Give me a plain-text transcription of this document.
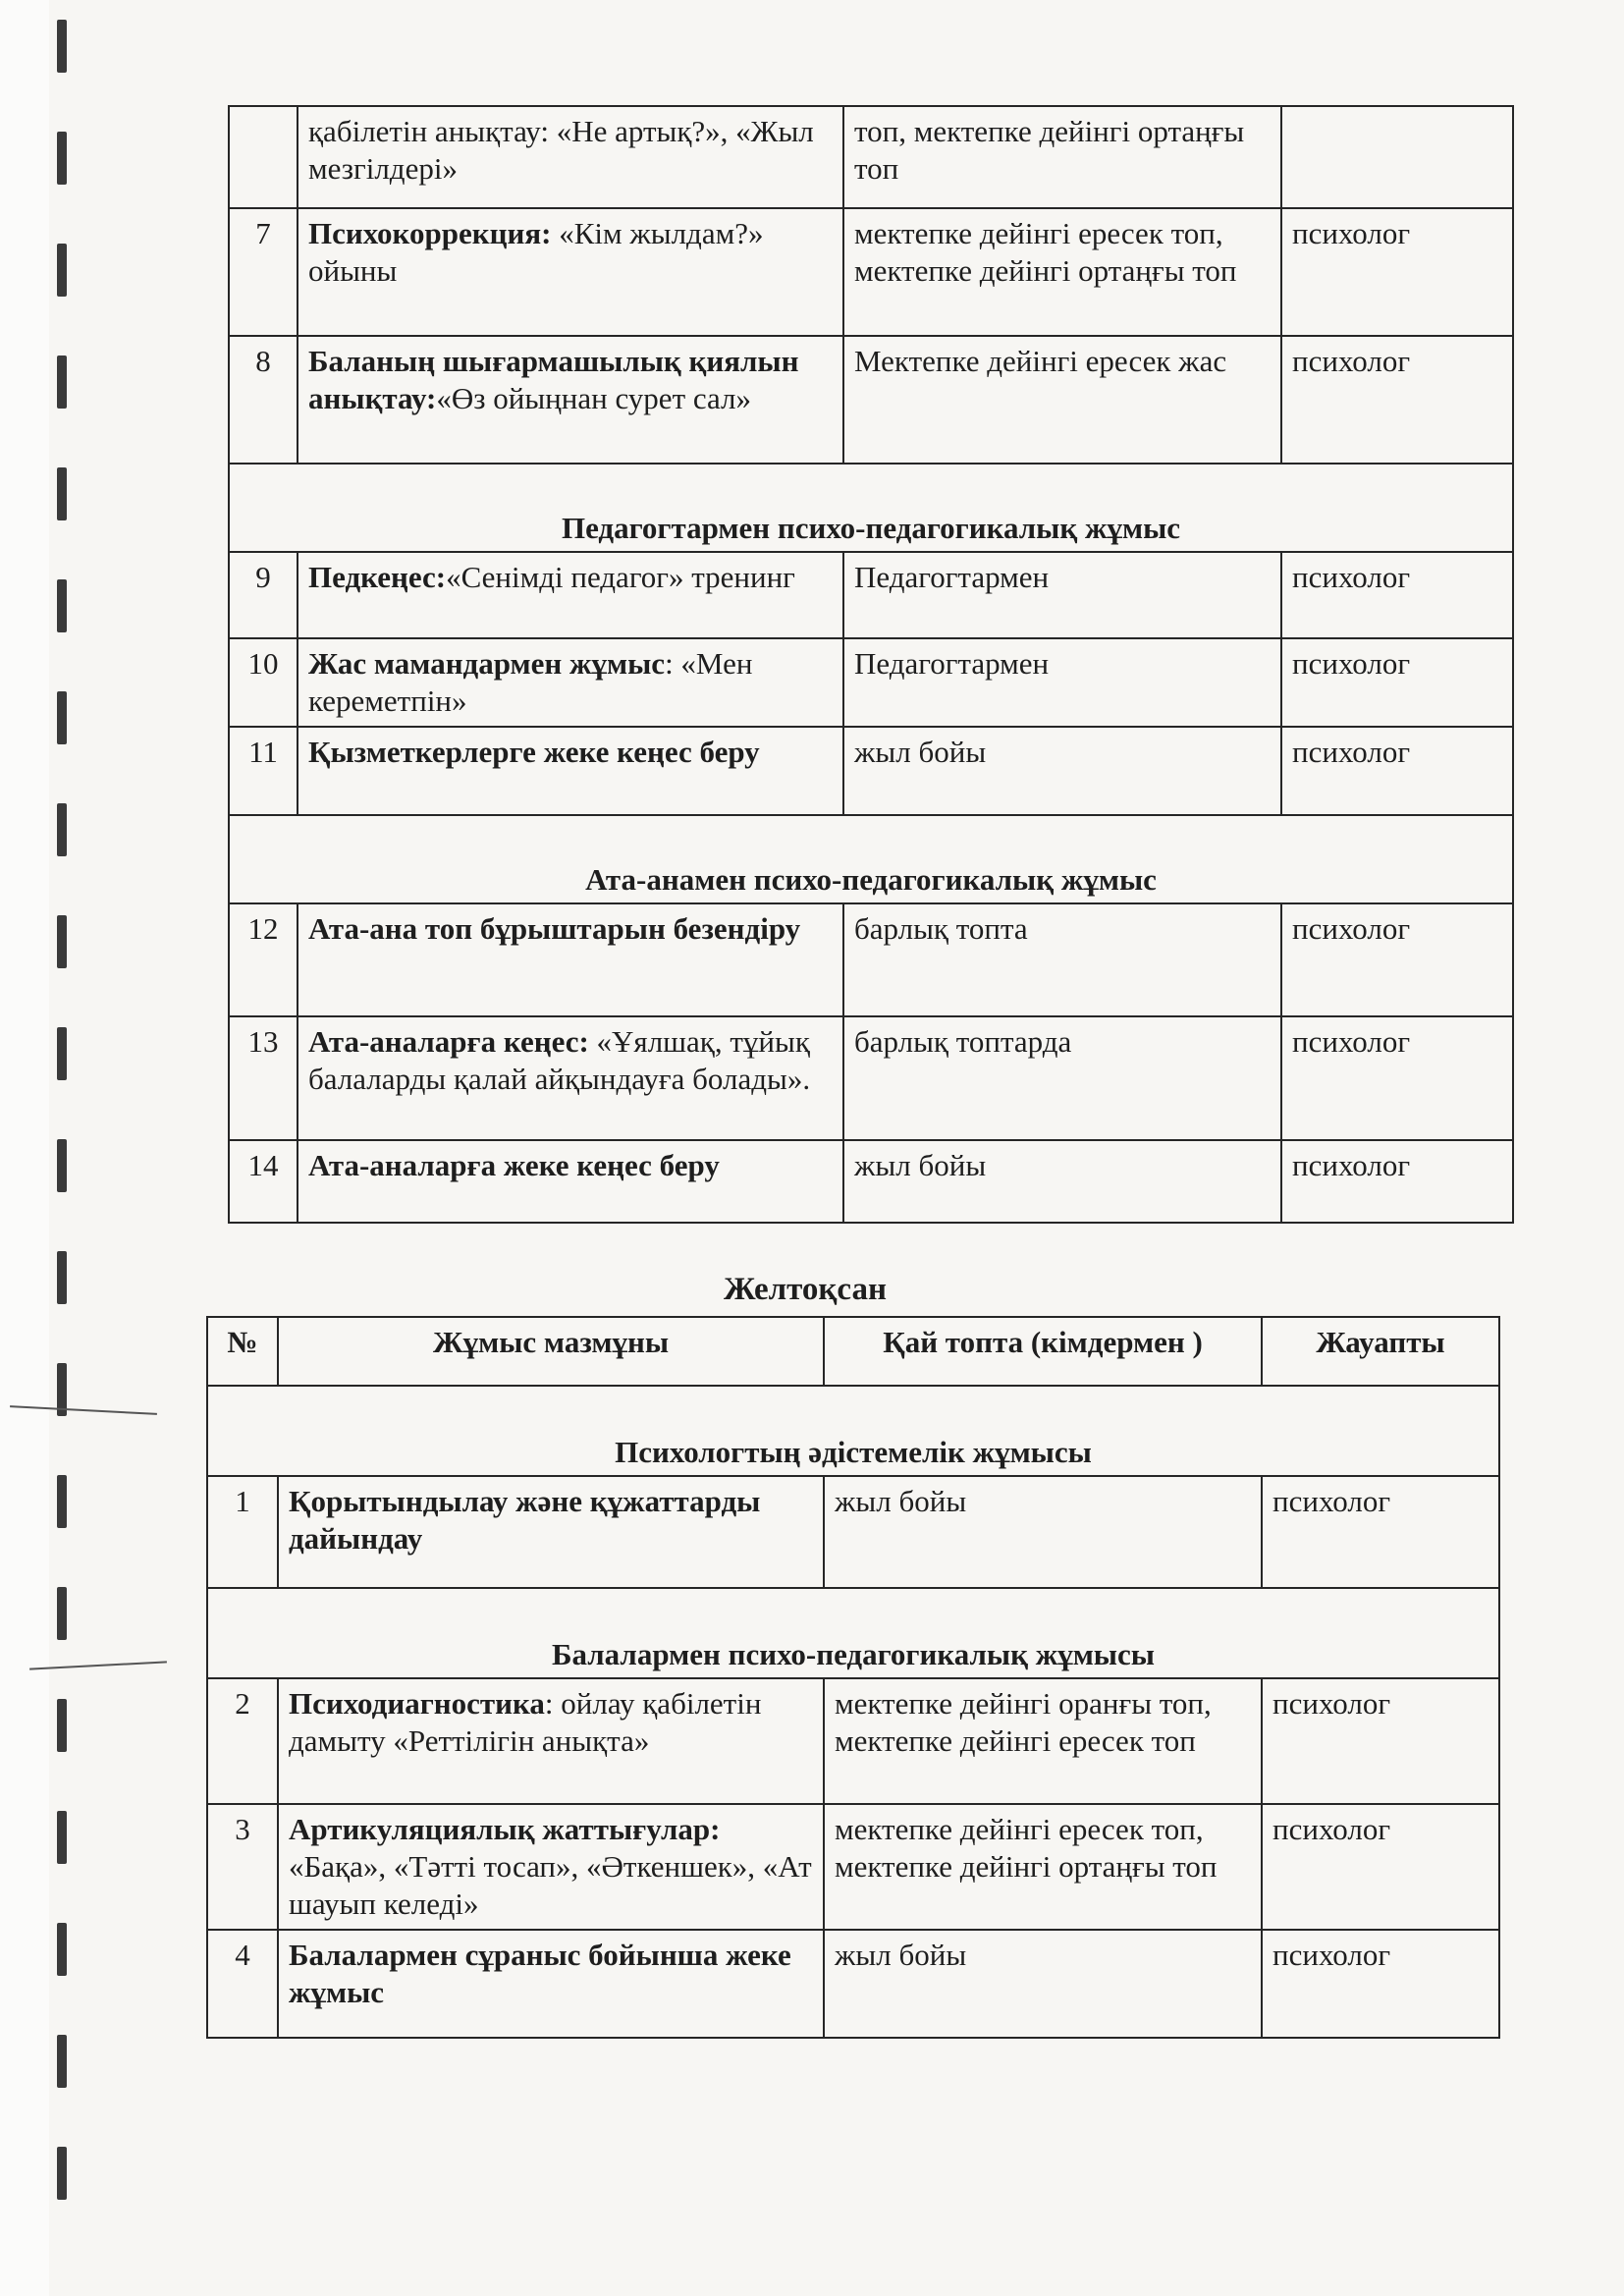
	қабілетін анықтау: «Не артық?», «Жыл мезгілдері»	топ, мектепке дейінгі ортаңғы топ	
7	Психокоррекция: «Кім жылдам?» ойыны	мектепке дейінгі ересек топ, мектепке дейінгі ортаңғы топ	психолог
8	Баланың шығармашылық қиялын анықтау:«Өз ойыңнан сурет сал»	Мектепке дейінгі ересек жас	психолог
Педагогтармен психо-педагогикалық жұмыс			
9	Педкеңес:«Сенімді педагог» тренинг	Педагогтармен	психолог
10	Жас мамандармен жұмыс: «Мен кереметпін»	Педагогтармен	психолог
11	Қызметкерлерге жеке кеңес беру	жыл бойы	психолог
Ата-анамен психо-педагогикалық жұмыс			
12	Ата-ана топ бұрыштарын безендіру	барлық топта	психолог
13	Ата-аналарға кеңес: «Ұялшақ, тұйық балаларды қалай айқындауға болады».	барлық топтарда	психолог
14	Ата-аналарға жеке кеңес беру	жыл бойы	психолог
Желтоқсан
№	Жұмыс мазмұны	Қай топта (кімдермен )	Жауапты
Психологтың әдістемелік жұмысы			
1	Қорытындылау және құжаттарды дайындау	жыл бойы	психолог
Балалармен психо-педагогикалық жұмысы			
2	Психодиагностика: ойлау қабілетін дамыту «Реттілігін анықта»	мектепке дейінгі оранғы топ, мектепке дейінгі ересек топ	психолог
3	Артикуляциялық жаттығулар: «Бақа», «Тәтті тосап», «Әткеншек», «Ат шауып келеді»	мектепке дейінгі ересек топ, мектепке дейінгі ортаңғы топ	психолог
4	Балалармен сұраныс бойынша жеке жұмыс	жыл бойы	психолог
